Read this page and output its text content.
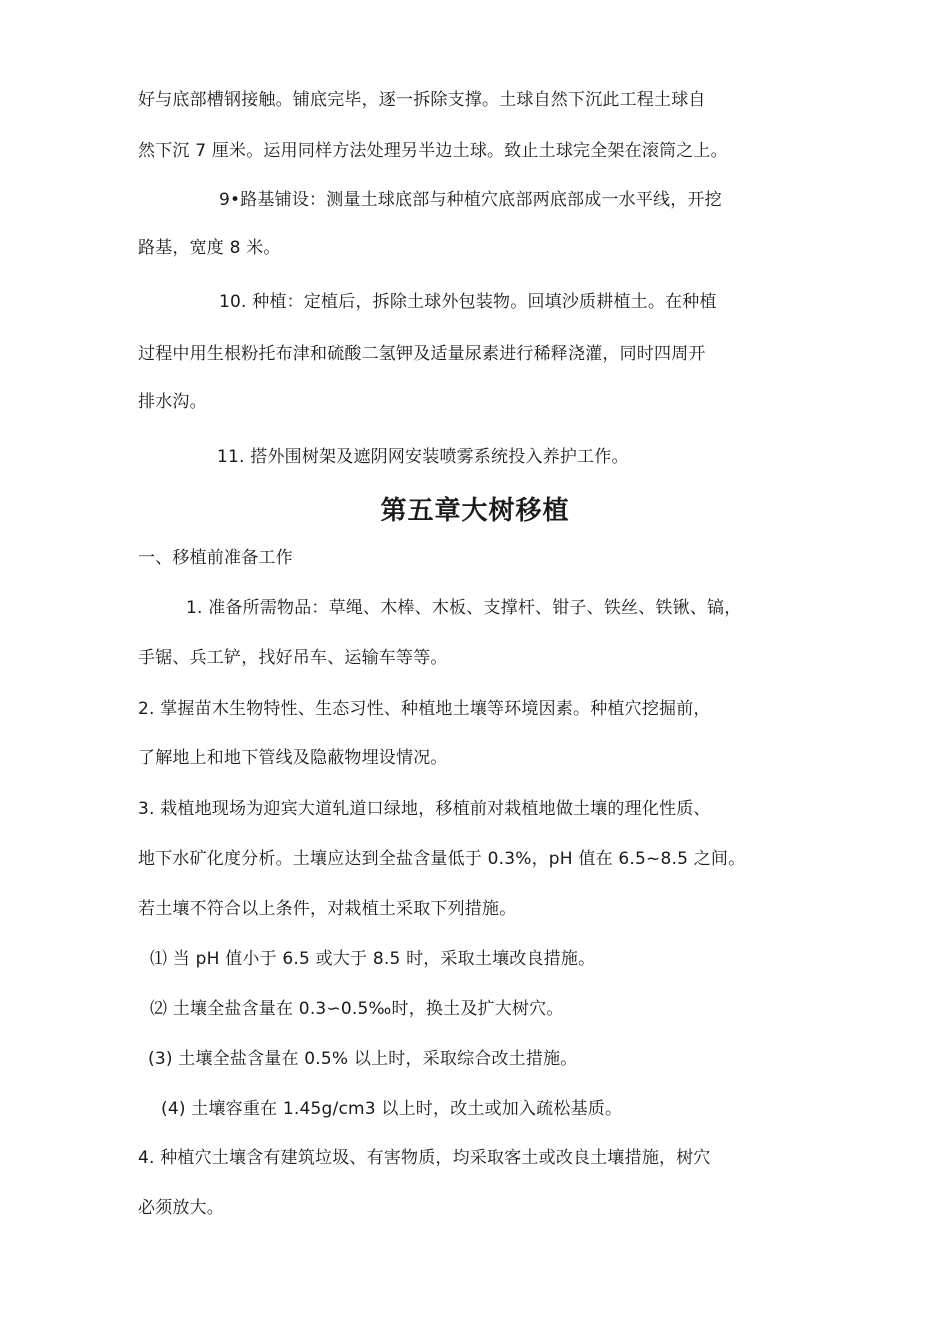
好与底部槽钢接触。铺底完毕，逐一拆除支撑。土球自然下沉此工程土球自
然下沉 7 厘米。运用同样方法处理另半边土球。致止土球完全架在滚筒之上。
9•路基铺设：测量土球底部与种植穴底部两底部成一水平线，开挖
路基，宽度 8 米。
10. 种植：定植后，拆除土球外包装物。回填沙质耕植土。在种植
过程中用生根粉托布津和硫酸二氢钾及适量尿素进行稀释浇灌，同时四周开
排水沟。
11. 搭外围树架及遮阴网安装喷雾系统投入养护工作。
第五章大树移植
一、移植前准备工作
1. 准备所需物品：草绳、木棒、木板、支撑杆、钳子、铁丝、铁锹、镐，
手锯、兵工铲，找好吊车、运输车等等。
2. 掌握苗木生物特性、生态习性、种植地土壤等环境因素。种植穴挖掘前，
了解地上和地下管线及隐蔽物埋设情况。
3. 栽植地现场为迎宾大道轧道口绿地，移植前对栽植地做土壤的理化性质、
地下水矿化度分析。土壤应达到全盐含量低于 0.3%，pH 值在 6.5~8.5 之间。
若土壤不符合以上条件，对栽植土采取下列措施。
⑴ 当 pH 值小于 6.5 或大于 8.5 时，采取土壤改良措施。
⑵ 土壤全盐含量在 0.3∽0.5‰时，换土及扩大树穴。
(3) 土壤全盐含量在 0.5% 以上时，采取综合改土措施。
(4) 土壤容重在 1.45g/cm3 以上时，改土或加入疏松基质。
4. 种植穴土壤含有建筑垃圾、有害物质，均采取客土或改良土壤措施，树穴
必须放大。
